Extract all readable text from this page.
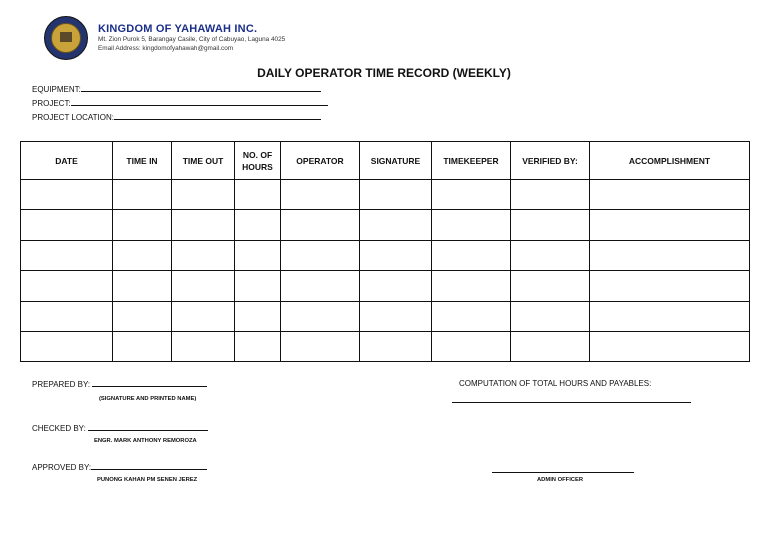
KINGDOM OF YAHAWAH INC.
Mt. Zion Purok 5, Barangay Casile, City of Cabuyao, Laguna 4025
Email Address: kingdomofyahawah@gmail.com
DAILY OPERATOR TIME RECORD (WEEKLY)
EQUIPMENT:
PROJECT:
PROJECT LOCATION:
DATE	TIME IN	TIME OUT	NO. OF HOURS	OPERATOR	SIGNATURE	TIMEKEEPER	VERIFIED BY:	ACCOMPLISHMENT

PREPARED BY:
(SIGNATURE AND PRINTED NAME)
CHECKED BY:
ENGR. MARK ANTHONY REMOROZA
APPROVED BY:
PUNONG KAHAN PM SENEN JEREZ
COMPUTATION OF TOTAL HOURS AND PAYABLES:
ADMIN OFFICER
